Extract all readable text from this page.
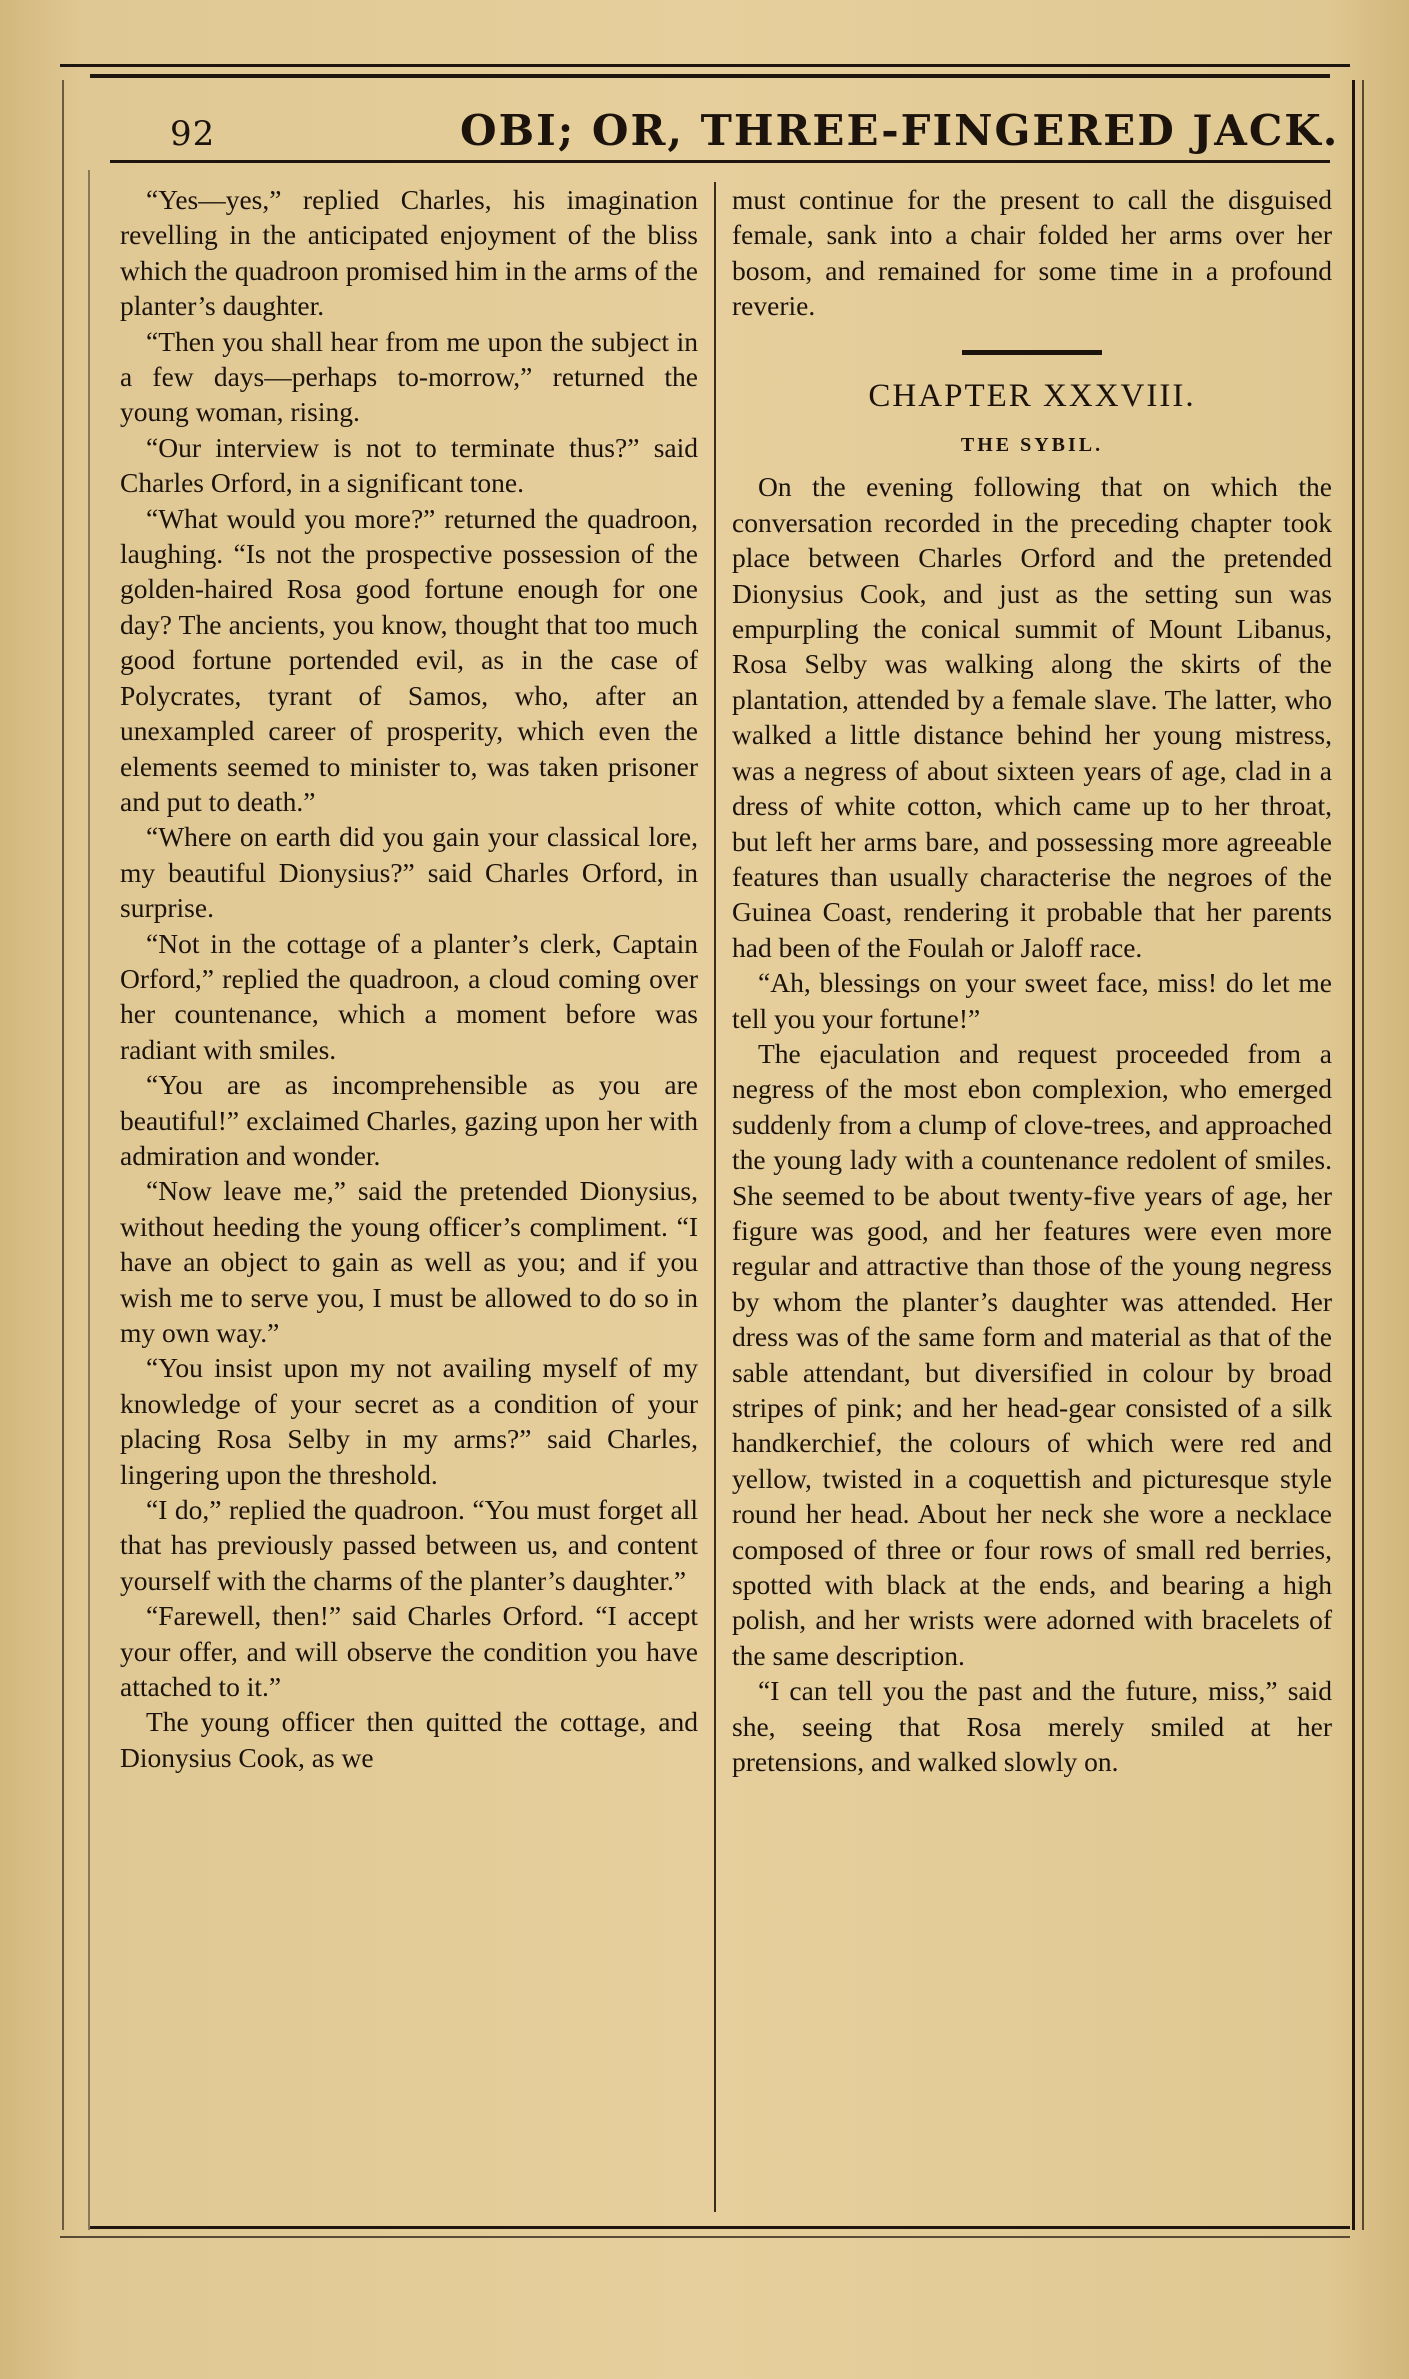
92	OBI; OR, THREE-FINGERED JACK.

“Yes—yes,” replied Charles, his imagination revelling in the anticipated enjoyment of the bliss which the quadroon promised him in the arms of the planter’s daughter.

“Then you shall hear from me upon the subject in a few days—perhaps to-morrow,” returned the young woman, rising.

“Our interview is not to terminate thus?” said Charles Orford, in a significant tone.

“What would you more?” returned the quadroon, laughing. “Is not the prospective possession of the golden-haired Rosa good fortune enough for one day? The ancients, you know, thought that too much good fortune portended evil, as in the case of Polycrates, tyrant of Samos, who, after an unexampled career of prosperity, which even the elements seemed to minister to, was taken prisoner and put to death.”

“Where on earth did you gain your classical lore, my beautiful Dionysius?” said Charles Orford, in surprise.

“Not in the cottage of a planter’s clerk, Captain Orford,” replied the quadroon, a cloud coming over her countenance, which a moment before was radiant with smiles.

“You are as incomprehensible as you are beautiful!” exclaimed Charles, gazing upon her with admiration and wonder.

“Now leave me,” said the pretended Dionysius, without heeding the young officer’s compliment. “I have an object to gain as well as you; and if you wish me to serve you, I must be allowed to do so in my own way.”

“You insist upon my not availing myself of my knowledge of your secret as a condition of your placing Rosa Selby in my arms?” said Charles, lingering upon the threshold.

“I do,” replied the quadroon. “You must forget all that has previously passed between us, and content yourself with the charms of the planter’s daughter.”

“Farewell, then!” said Charles Orford. “I accept your offer, and will observe the condition you have attached to it.”

The young officer then quitted the cottage, and Dionysius Cook, as we

must continue for the present to call the disguised female, sank into a chair folded her arms over her bosom, and remained for some time in a profound reverie.

CHAPTER XXXVIII.
THE SYBIL.

On the evening following that on which the conversation recorded in the preceding chapter took place between Charles Orford and the pretended Dionysius Cook, and just as the setting sun was empurpling the conical summit of Mount Libanus, Rosa Selby was walking along the skirts of the plantation, attended by a female slave. The latter, who walked a little distance behind her young mistress, was a negress of about sixteen years of age, clad in a dress of white cotton, which came up to her throat, but left her arms bare, and possessing more agreeable features than usually characterise the negroes of the Guinea Coast, rendering it probable that her parents had been of the Foulah or Jaloff race.

“Ah, blessings on your sweet face, miss! do let me tell you your fortune!”

The ejaculation and request proceeded from a negress of the most ebon complexion, who emerged suddenly from a clump of clove-trees, and approached the young lady with a countenance redolent of smiles. She seemed to be about twenty-five years of age, her figure was good, and her features were even more regular and attractive than those of the young negress by whom the planter’s daughter was attended. Her dress was of the same form and material as that of the sable attendant, but diversified in colour by broad stripes of pink; and her head-gear consisted of a silk handkerchief, the colours of which were red and yellow, twisted in a coquettish and picturesque style round her head. About her neck she wore a necklace composed of three or four rows of small red berries, spotted with black at the ends, and bearing a high polish, and her wrists were adorned with bracelets of the same description.

“I can tell you the past and the future, miss,” said she, seeing that Rosa merely smiled at her pretensions, and walked slowly on.
